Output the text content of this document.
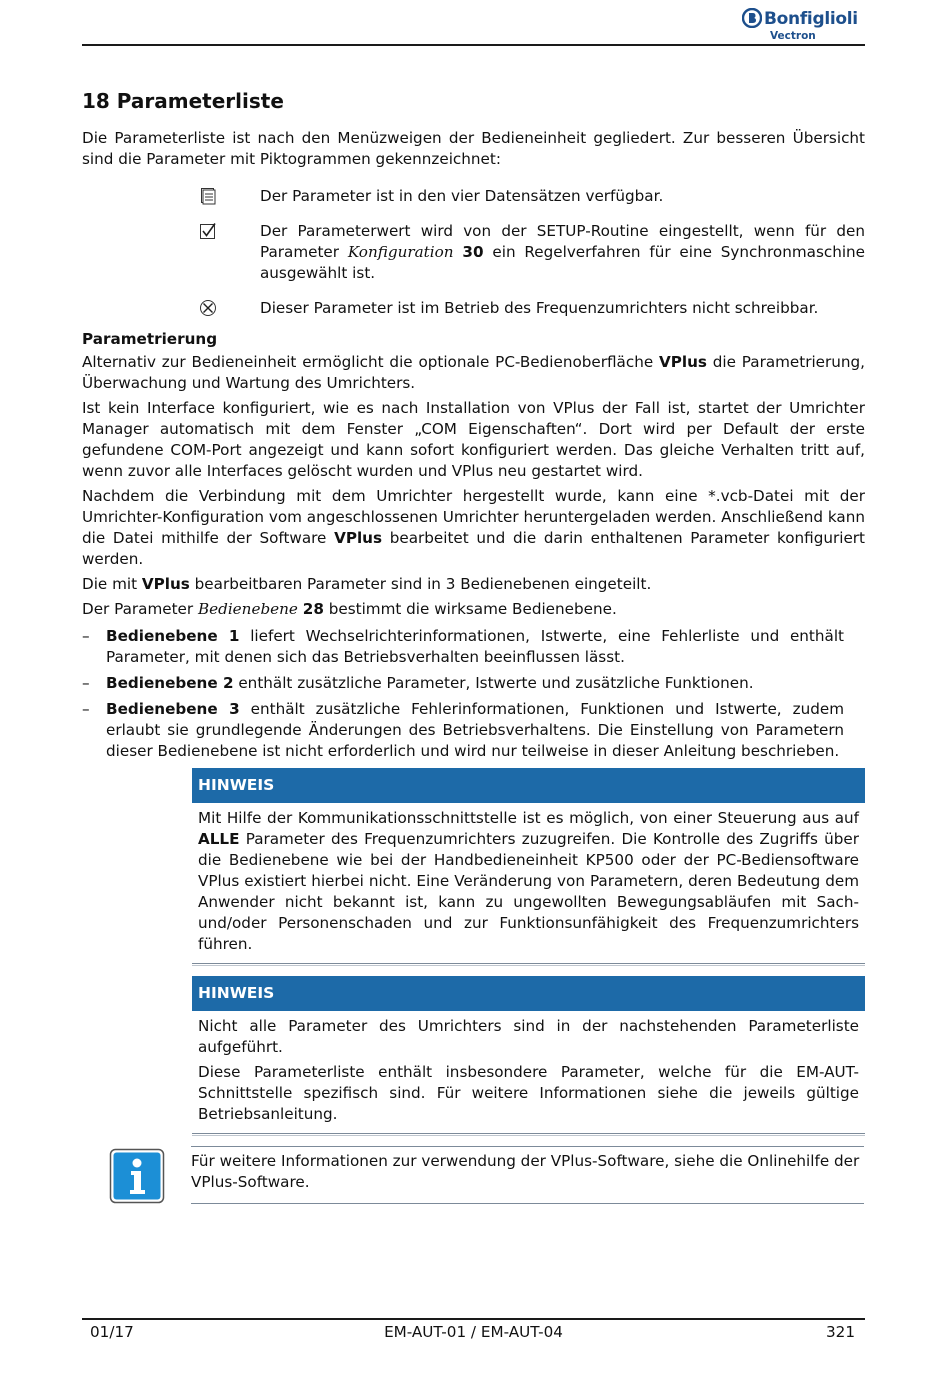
Bonfiglioli
Vectron
18 Parameterliste

Die Parameterliste ist nach den Menüzweigen der Bedieneinheit gegliedert. Zur besseren Übersicht sind die Parameter mit Piktogrammen gekennzeichnet:

Der Parameter ist in den vier Datensätzen verfügbar.
Der Parameterwert wird von der SETUP-Routine eingestellt, wenn für den Parameter Konfiguration 30 ein Regelverfahren für eine Synchronmaschine ausgewählt ist.
Dieser Parameter ist im Betrieb des Frequenzumrichters nicht schreibbar.
Parametrierung

Alternativ zur Bedieneinheit ermöglicht die optionale PC-Bedienoberfläche VPlus die Parametrierung, Überwachung und Wartung des Umrichters.

Ist kein Interface konfiguriert, wie es nach Installation von VPlus der Fall ist, startet der Umrichter Manager automatisch mit dem Fenster „COM Eigenschaften“. Dort wird per Default der erste gefundene COM-Port angezeigt und kann sofort konfiguriert werden. Das gleiche Verhalten tritt auf, wenn zuvor alle Interfaces gelöscht wurden und VPlus neu gestartet wird.

Nachdem die Verbindung mit dem Umrichter hergestellt wurde, kann eine *.vcb-Datei mit der Umrichter-Konfiguration vom angeschlossenen Umrichter heruntergeladen werden. Anschließend kann die Datei mithilfe der Software VPlus bearbeitet und die darin enthaltenen Parameter konfiguriert werden.

Die mit VPlus bearbeitbaren Parameter sind in 3 Bedienebenen eingeteilt.

Der Parameter Bedienebene 28 bestimmt die wirksame Bedienebene.

– Bedienebene 1 liefert Wechselrichterinformationen, Istwerte, eine Fehlerliste und enthält Parameter, mit denen sich das Betriebsverhalten beeinflussen lässt.
– Bedienebene 2 enthält zusätzliche Parameter, Istwerte und zusätzliche Funktionen.
– Bedienebene 3 enthält zusätzliche Fehlerinformationen, Funktionen und Istwerte, zudem erlaubt sie grundlegende Änderungen des Betriebsverhaltens. Die Einstellung von Parametern dieser Bedienebene ist nicht erforderlich und wird nur teilweise in dieser Anleitung beschrieben.
HINWEIS

Mit Hilfe der Kommunikationsschnittstelle ist es möglich, von einer Steuerung aus auf ALLE Parameter des Frequenzumrichters zuzugreifen. Die Kontrolle des Zugriffs über die Bedienebene wie bei der Handbedieneinheit KP500 oder der PC-Bediensoftware VPlus existiert hierbei nicht. Eine Veränderung von Parametern, deren Bedeutung dem Anwender nicht bekannt ist, kann zu ungewollten Bewegungsabläufen mit Sach- und/oder Personenschaden und zur Funktionsunfähigkeit des Frequenzumrichters führen.

HINWEIS

Nicht alle Parameter des Umrichters sind in der nachstehenden Parameterliste aufgeführt.

Diese Parameterliste enthält insbesondere Parameter, welche für die EM-AUT-Schnittstelle spezifisch sind. Für weitere Informationen siehe die jeweils gültige Betriebsanleitung.

Für weitere Informationen zur verwendung der VPlus-Software, siehe die Onlinehilfe der VPlus-Software.
01/17	EM-AUT-01 / EM-AUT-04	321
